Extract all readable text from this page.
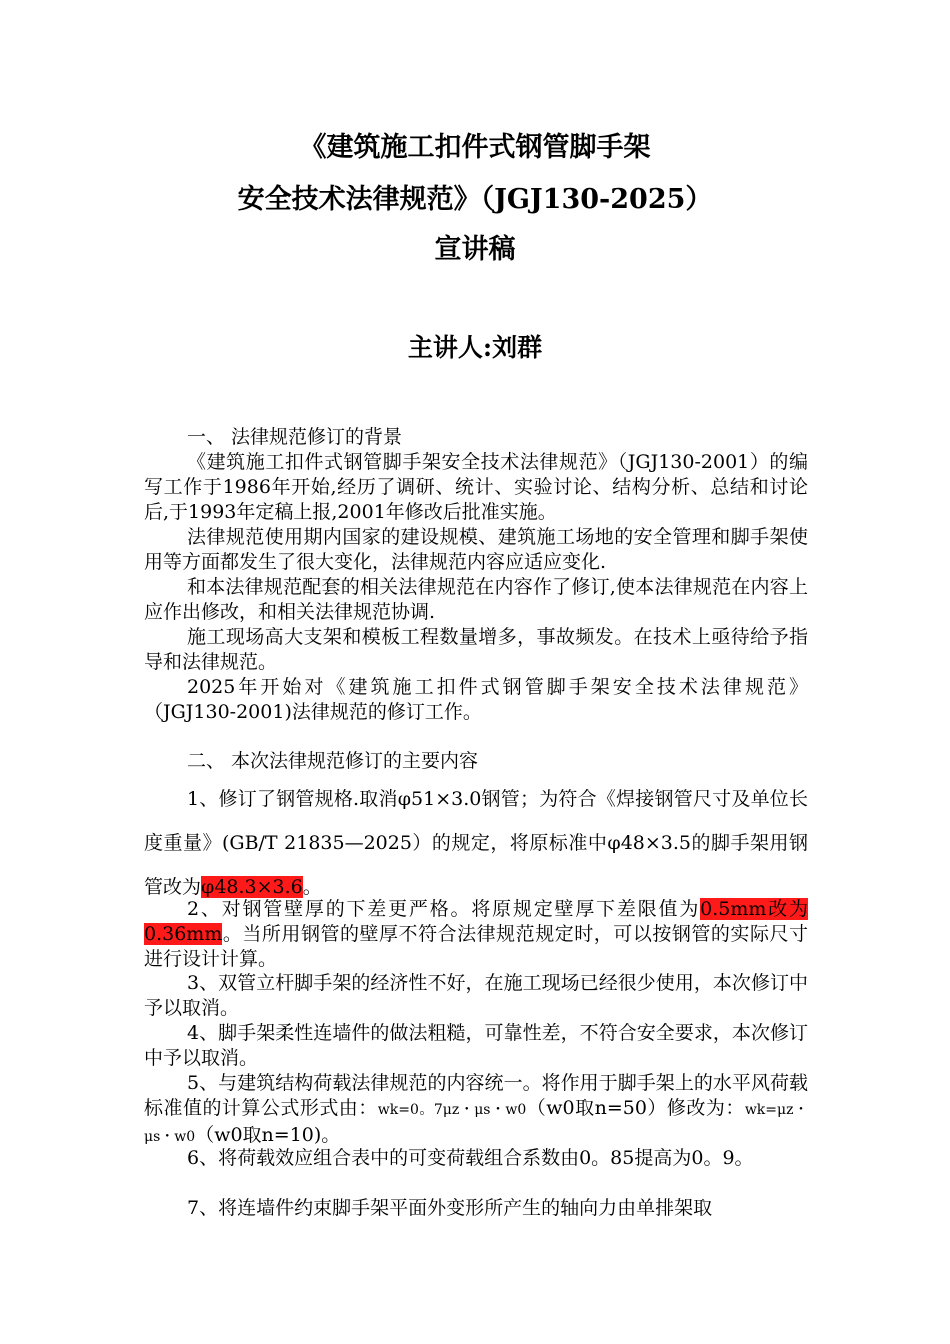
《建筑施工扣件式钢管脚手架
安全技术法律规范》（JGJ130-2025）
宣讲稿
主讲人:刘群
一、 法律规范修订的背景
《建筑施工扣件式钢管脚手架安全技术法律规范》（JGJ130-2001）的编写工作于1986年开始,经历了调研、统计、实验讨论、结构分析、总结和讨论后,于1993年定稿上报,2001年修改后批准实施。
法律规范使用期内国家的建设规模、建筑施工场地的安全管理和脚手架使用等方面都发生了很大变化，法律规范内容应适应变化.
和本法律规范配套的相关法律规范在内容作了修订,使本法律规范在内容上应作出修改，和相关法律规范协调.
施工现场高大支架和模板工程数量增多，事故频发。在技术上亟待给予指导和法律规范。
2025年开始对《建筑施工扣件式钢管脚手架安全技术法律规范》（JGJ130-2001)法律规范的修订工作。
二、 本次法律规范修订的主要内容
1、修订了钢管规格.取消φ51×3.0钢管；为符合《焊接钢管尺寸及单位长度重量》(GB/T 21835—2025）的规定，将原标准中φ48×3.5的脚手架用钢管改为φ48.3×3.6。
2、对钢管壁厚的下差更严格。将原规定壁厚下差限值为0.5mm改为0.36mm。当所用钢管的壁厚不符合法律规范规定时，可以按钢管的实际尺寸进行设计计算。
3、双管立杆脚手架的经济性不好，在施工现场已经很少使用，本次修订中予以取消。
4、脚手架柔性连墙件的做法粗糙，可靠性差，不符合安全要求，本次修订中予以取消。
5、与建筑结构荷载法律规范的内容统一。将作用于脚手架上的水平风荷载标准值的计算公式形式由：wk=0。7μz・μs・w0（w0取n=50）修改为：wk=μz・μs・w0（w0取n=10)。
6、将荷载效应组合表中的可变荷载组合系数由0。85提高为0。9。
7、将连墙件约束脚手架平面外变形所产生的轴向力由单排架取
